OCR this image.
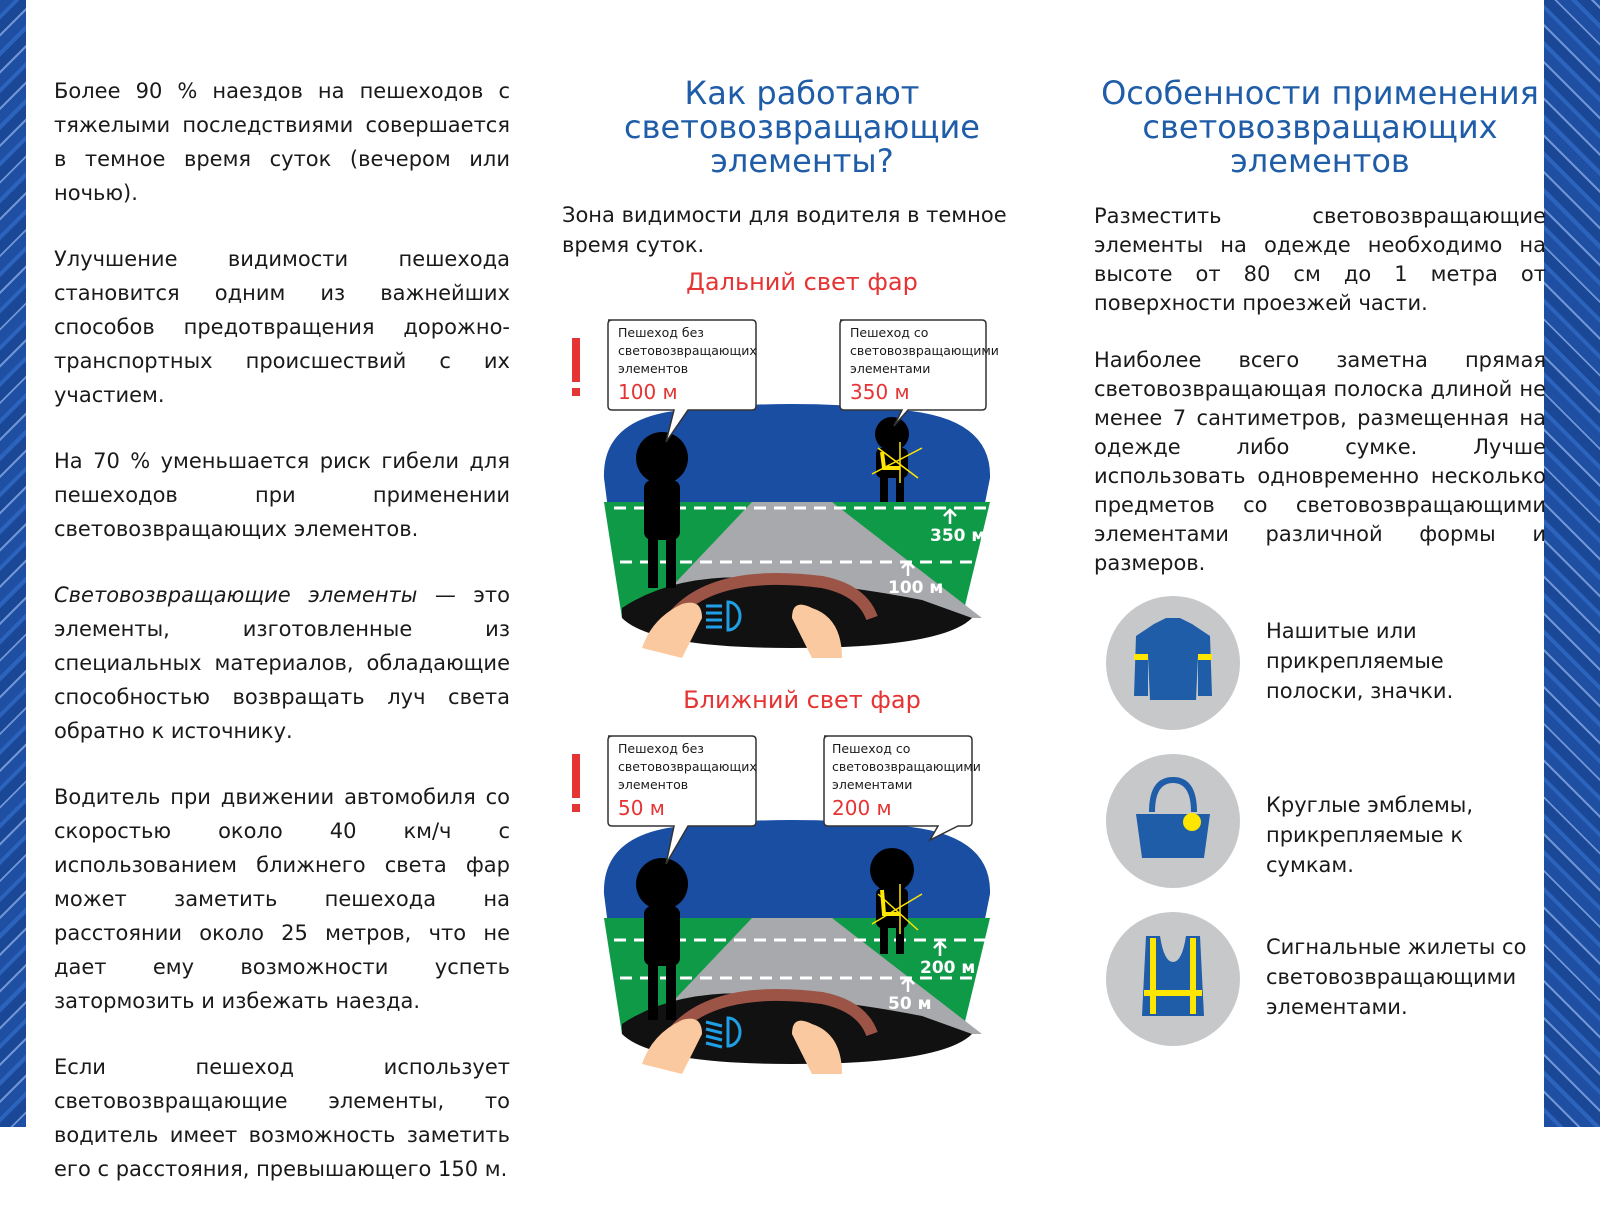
Более 90 % наездов на пешеходов с тяжелыми последствиями совершается в темное время суток (вечером или ночью).

Улучшение видимости пешехода становится одним из важнейших способов предотвращения дорожно-транспортных происшествий с их участием.

На 70 % уменьшается риск гибели для пешеходов при применении световозвращающих элементов.

Световозвращающие элементы — это элементы, изготовленные из специальных материалов, обладающие способностью возвращать луч света обратно к источнику.

Водитель при движении автомобиля со скоростью около 40 км/ч с использованием ближнего света фар может заметить пешехода на расстоянии около 25 метров, что не дает ему возможности успеть затормозить и избежать наезда.

Если пешеход использует световозвращающие элементы, то водитель имеет возможность заметить его с расстояния, превышающего 150 м.

Как работают световозвращающие элементы?
Зона видимости для водителя в темное время суток.
Дальний свет фар
Пешеход без световозвращающих элементов
100 м
Пешеход со световозвращающими элементами
350 м
350 м
100 м
Ближний свет фар
Пешеход без световозвращающих элементов
50 м
Пешеход со световозвращающими элементами
200 м
200 м
50 м
Особенности применения световозвращающих элементов
Разместить световозвращающие элементы на одежде необходимо на высоте от 80 см до 1 метра от поверхности проезжей части.
Наиболее всего заметна прямая световозвращающая полоска длиной не менее 7 сантиметров, размещенная на одежде либо сумке. Лучше использовать одновременно несколько предметов со световозвращающими элементами различной формы и размеров.
Нашитые или прикрепляемые полоски, значки.
Круглые эмблемы, прикрепляемые к сумкам.
Сигнальные жилеты со световозвращающими элементами.
